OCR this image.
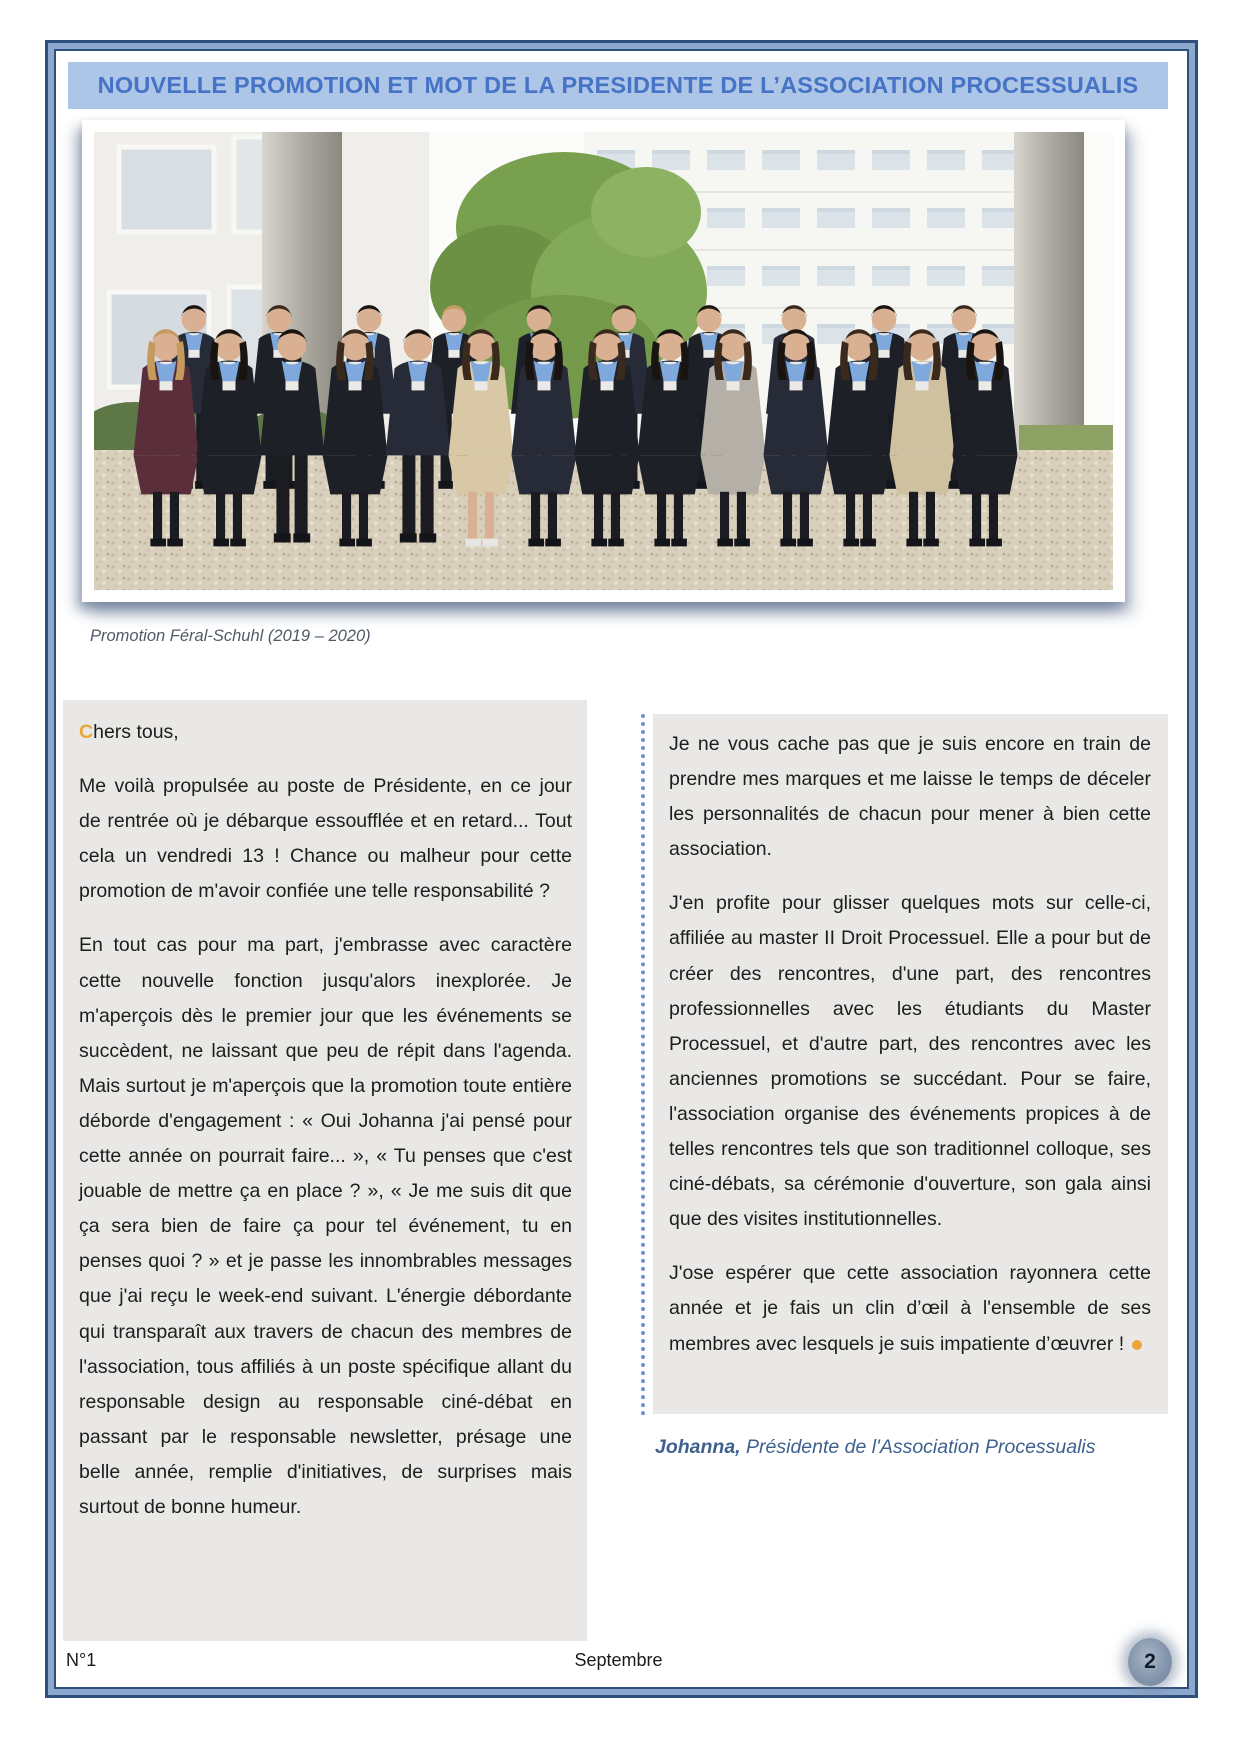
NOUVELLE PROMOTION ET MOT DE LA PRESIDENTE DE L’ASSOCIATION PROCESSUALIS
Promotion Féral-Schuhl (2019 – 2020)

Chers tous,

Me voilà propulsée au poste de Présidente, en ce jour de rentrée où je débarque essoufflée et en retard... Tout cela un vendredi 13 ! Chance ou malheur pour cette promotion de m'avoir confiée une telle responsabilité ?

En tout cas pour ma part, j'embrasse avec caractère cette nouvelle fonction jusqu'alors inexplorée. Je m'aperçois dès le premier jour que les événements se succèdent, ne laissant que peu de répit dans l'agenda. Mais surtout je m'aperçois que la promotion toute entière déborde d'engagement : « Oui Johanna j'ai pensé pour cette année on pourrait faire... », « Tu penses que c'est jouable de mettre ça en place ? », « Je me suis dit que ça sera bien de faire ça pour tel événement, tu en penses quoi ? » et je passe les innombrables messages que j'ai reçu le week-end suivant. L'énergie débordante qui transparaît aux travers de chacun des membres de l'association, tous affiliés à un poste spécifique allant du responsable design au responsable ciné-débat en passant par le responsable newsletter, présage une belle année, remplie d'initiatives, de surprises mais surtout de bonne humeur.

Je ne vous cache pas que je suis encore en train de prendre mes marques et me laisse le temps de déceler les personnalités de chacun pour mener à bien cette association.

J'en profite pour glisser quelques mots sur celle-ci, affiliée au master II Droit Processuel. Elle a pour but de créer des rencontres, d'une part, des rencontres professionnelles avec les étudiants du Master Processuel, et d'autre part, des rencontres avec les anciennes promotions se succédant. Pour se faire, l'association organise des événements propices à de telles rencontres tels que son traditionnel colloque, ses ciné-débats, sa cérémonie d'ouverture, son gala ainsi que des visites institutionnelles.

J'ose espérer que cette association rayonnera cette année et je fais un clin d’œil à l'ensemble de ses membres avec lesquels je suis impatiente d’œuvrer !

Johanna, Présidente de l'Association Processualis
N°1	Septembre	2
